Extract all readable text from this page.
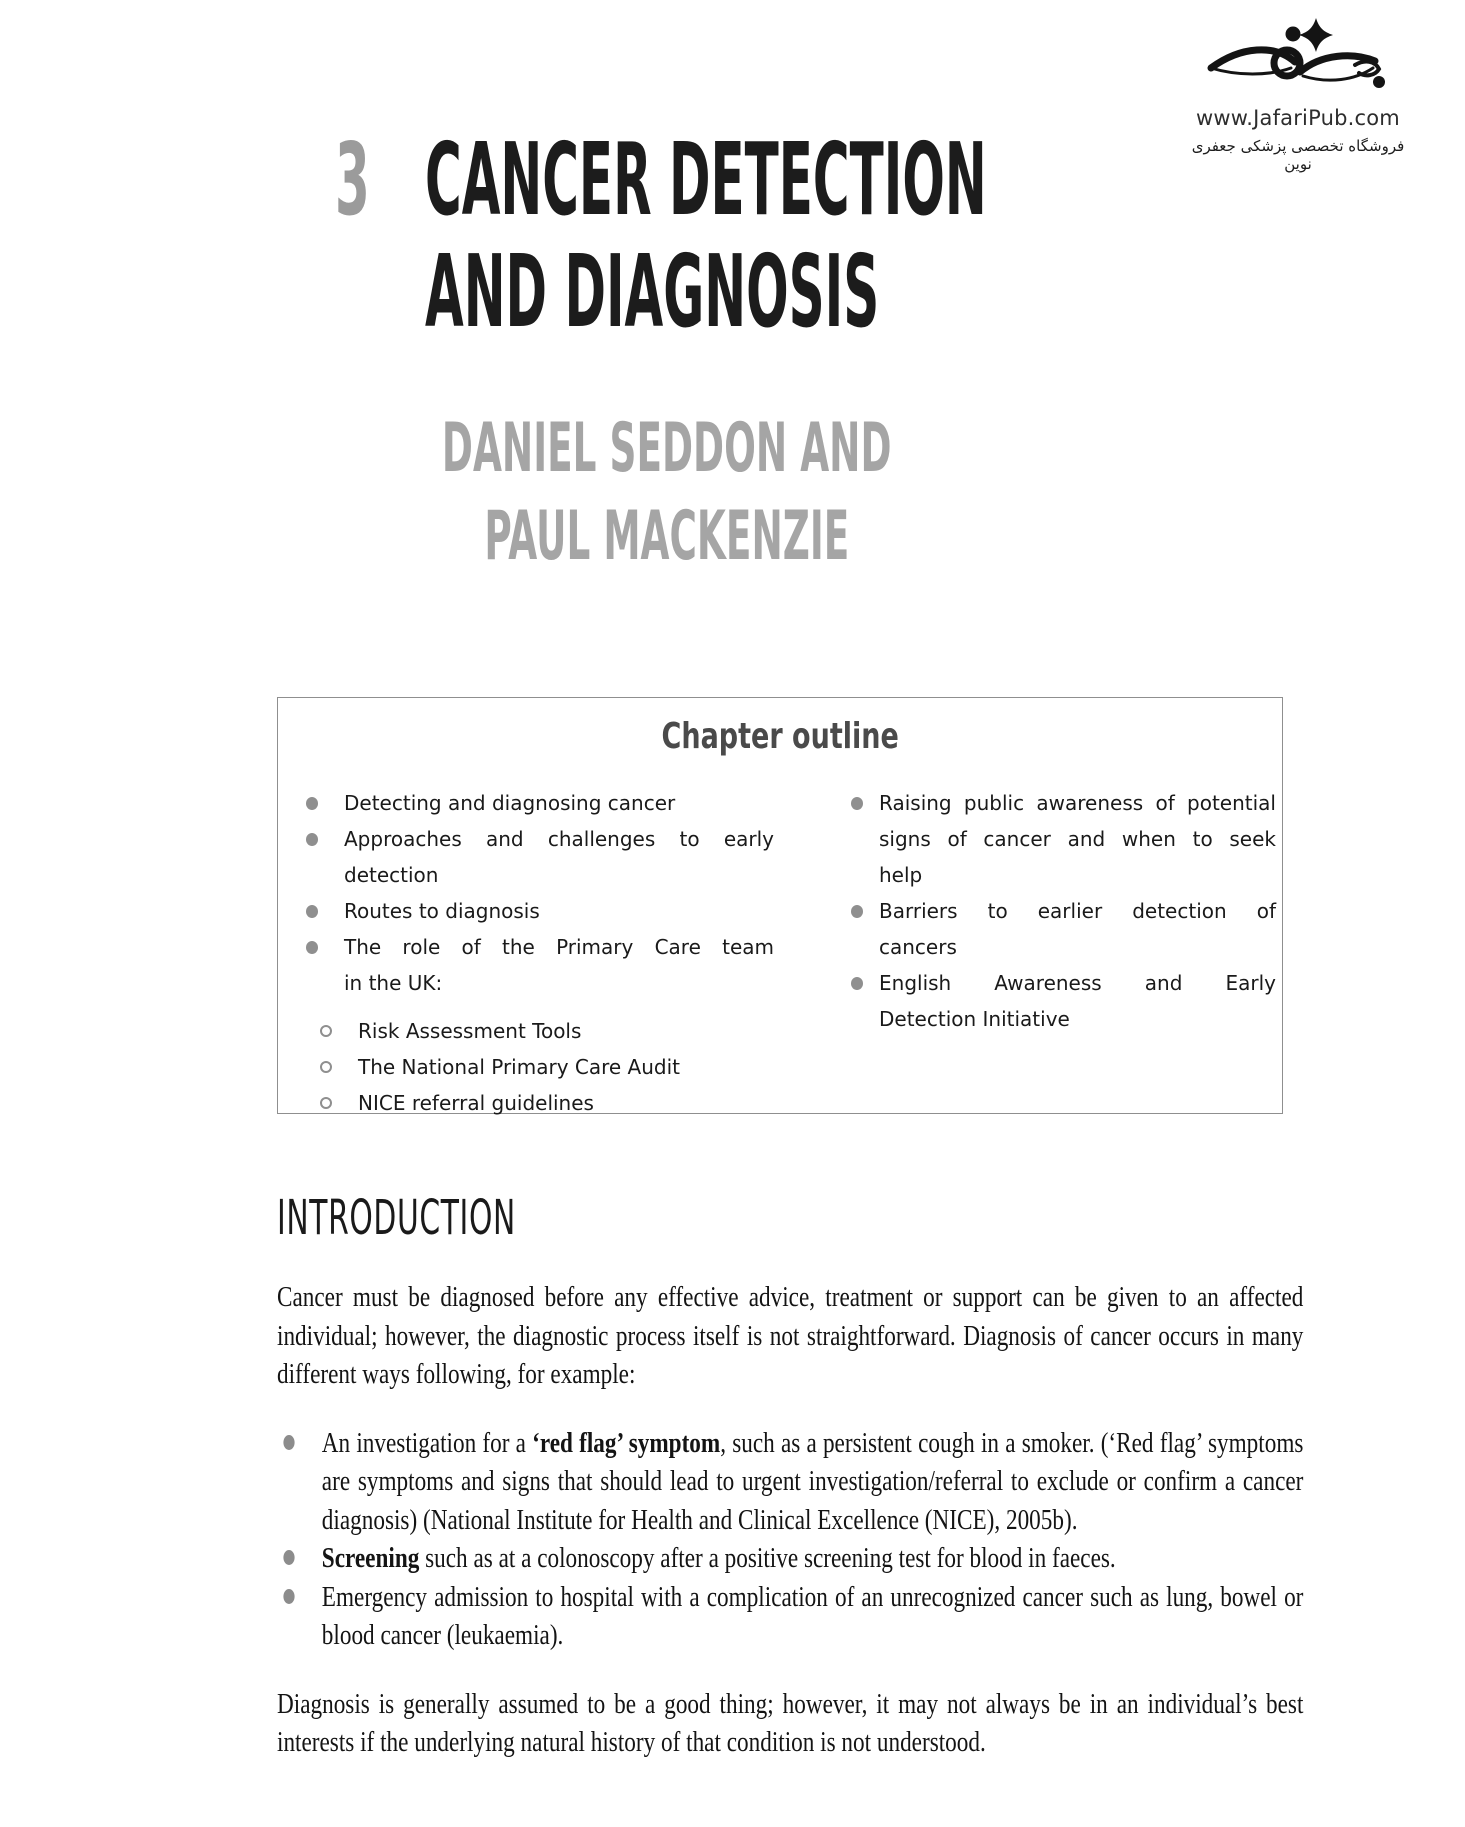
www.JafariPub.com
فروشگاه تخصصی پزشکی جعفری نوین
3 CANCER DETECTION
AND DIAGNOSIS
DANIEL SEDDON AND
PAUL MACKENZIE
Chapter outline
Detecting and diagnosing cancer
Approaches and challenges to early
detection
Routes to diagnosis
The role of the Primary Care team
in the UK:
Risk Assessment Tools
The National Primary Care Audit
NICE referral guidelines
Raising public awareness of potential
signs of cancer and when to seek
help
Barriers to earlier detection of
cancers
English Awareness and Early
Detection Initiative
INTRODUCTION

Cancer must be diagnosed before any effective advice, treatment or support can be given to an affected individual; however, the diagnostic process itself is not straightforward. Diagnosis of cancer occurs in many different ways following, for example:

An investigation for a ‘red flag’ symptom, such as a persistent cough in a smoker. (‘Red flag’ symptoms are symptoms and signs that should lead to urgent investigation/referral to exclude or confirm a cancer diagnosis) (National Institute for Health and Clinical Excellence (NICE), 2005b).
Screening such as at a colonoscopy after a positive screening test for blood in faeces.
Emergency admission to hospital with a complication of an unrecognized cancer such as lung, bowel or blood cancer (leukaemia).

Diagnosis is generally assumed to be a good thing; however, it may not always be in an individual’s best interests if the underlying natural history of that condition is not understood.
